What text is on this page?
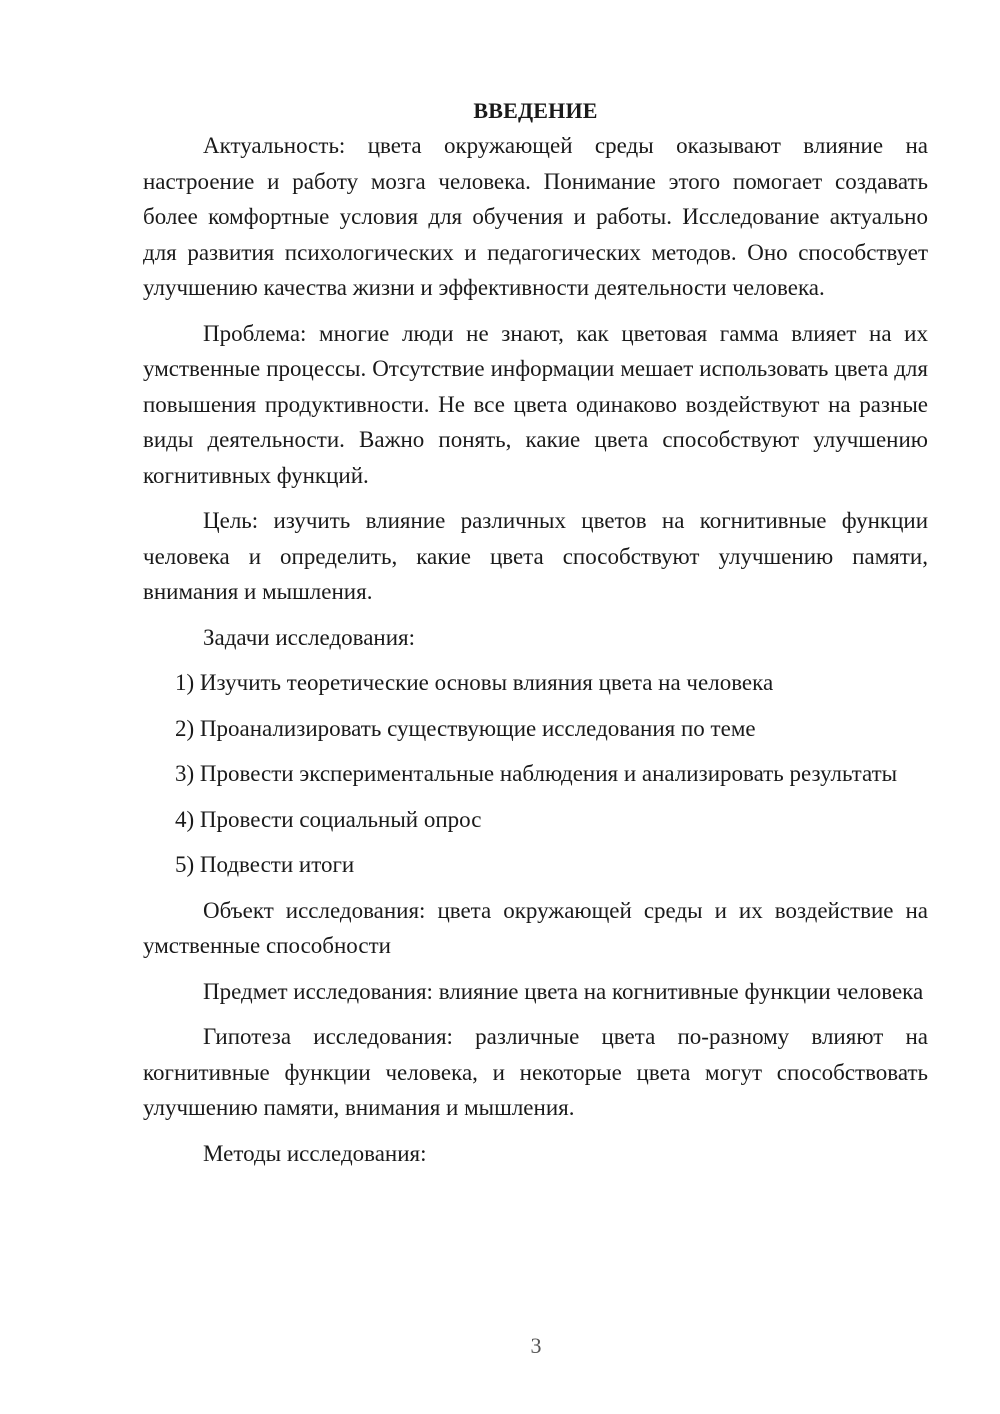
ВВЕДЕНИЕ

Актуальность: цвета окружающей среды оказывают влияние на настроение и работу мозга человека. Понимание этого помогает создавать более комфортные условия для обучения и работы. Исследование актуально для развития психологических и педагогических методов. Оно способствует улучшению качества жизни и эффективности деятельности человека.

Проблема: многие люди не знают, как цветовая гамма влияет на их умственные процессы. Отсутствие информации мешает использовать цвета для повышения продуктивности. Не все цвета одинаково воздействуют на разные виды деятельности. Важно понять, какие цвета способствуют улучшению когнитивных функций.

Цель: изучить влияние различных цветов на когнитивные функции человека и определить, какие цвета способствуют улучшению памяти, внимания и мышления.

Задачи исследования:

1) Изучить теоретические основы влияния цвета на человека

2) Проанализировать существующие исследования по теме

3) Провести экспериментальные наблюдения и анализировать результаты

4) Провести социальный опрос

5) Подвести итоги

Объект исследования: цвета окружающей среды и их воздействие на умственные способности

Предмет исследования: влияние цвета на когнитивные функции человека

Гипотеза исследования: различные цвета по-разному влияют на когнитивные функции человека, и некоторые цвета могут способствовать улучшению памяти, внимания и мышления.

Методы исследования:

3
